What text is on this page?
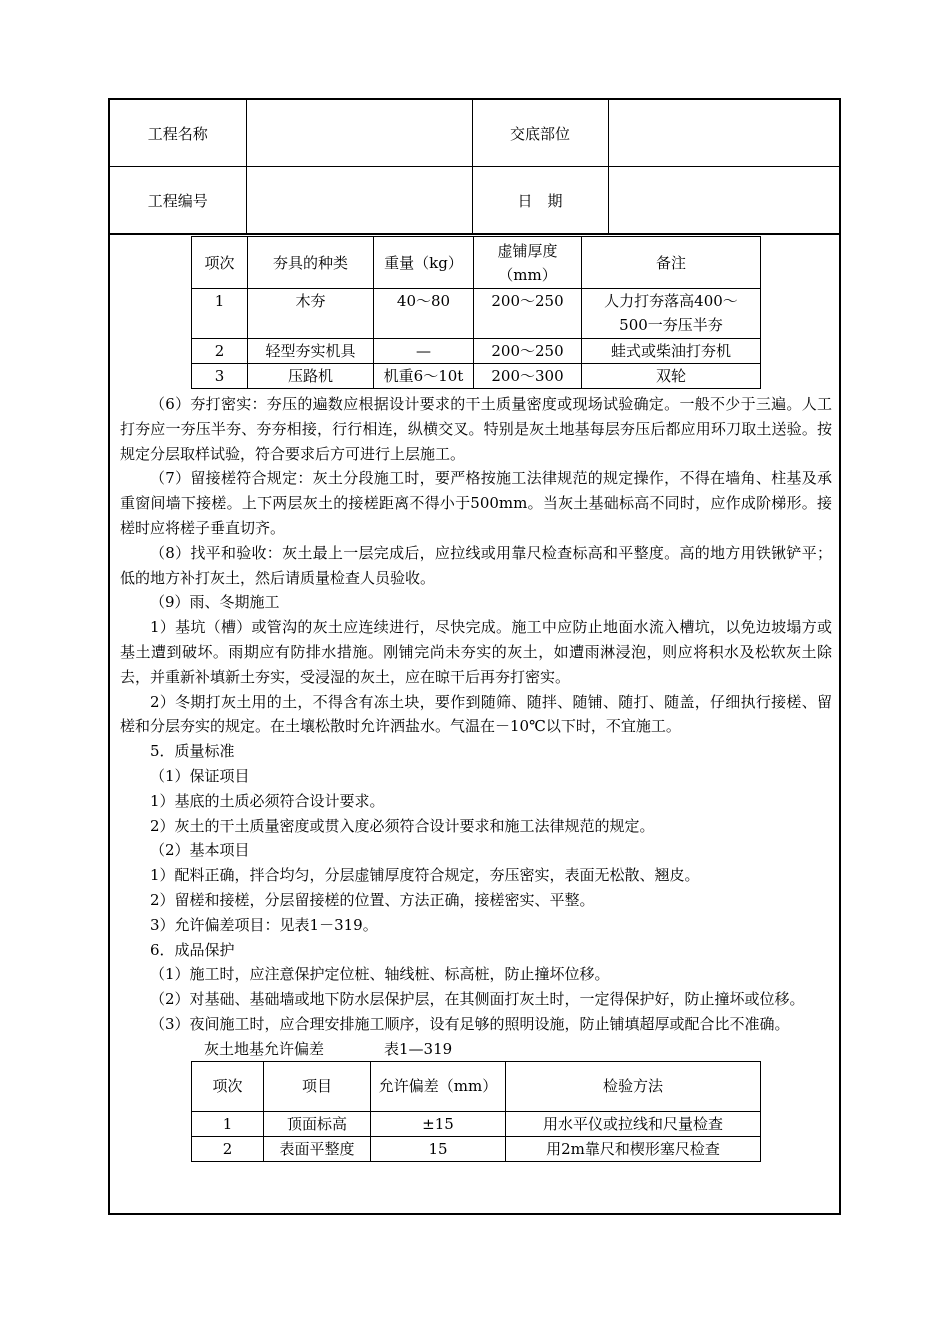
工程名称		交底部位	
工程编号		日　期	
项次	夯具的种类	重量（kg）	虚铺厚度（mm）	备注
1	木夯	40～80	200～250	人力打夯落高400～500一夯压半夯
2	轻型夯实机具	—	200～250	蛙式或柴油打夯机
3	压路机	机重6～10t	200～300	双轮

（6）夯打密实：夯压的遍数应根据设计要求的干土质量密度或现场试验确定。一般不少于三遍。人工打夯应一夯压半夯、夯夯相接，行行相连，纵横交叉。特别是灰土地基每层夯压后都应用环刀取土送验。按规定分层取样试验，符合要求后方可进行上层施工。

（7）留接槎符合规定：灰土分段施工时，要严格按施工法律规范的规定操作，不得在墙角、柱基及承重窗间墙下接槎。上下两层灰土的接槎距离不得小于500mm。当灰土基础标高不同时，应作成阶梯形。接槎时应将槎子垂直切齐。

（8）找平和验收：灰土最上一层完成后，应拉线或用靠尺检查标高和平整度。高的地方用铁锹铲平；低的地方补打灰土，然后请质量检查人员验收。

（9）雨、冬期施工

1）基坑（槽）或管沟的灰土应连续进行，尽快完成。施工中应防止地面水流入槽坑，以免边坡塌方或基土遭到破坏。雨期应有防排水措施。刚铺完尚未夯实的灰土，如遭雨淋浸泡，则应将积水及松软灰土除去，并重新补填新土夯实，受浸湿的灰土，应在晾干后再夯打密实。

2）冬期打灰土用的土，不得含有冻土块，要作到随筛、随拌、随铺、随打、随盖，仔细执行接槎、留槎和分层夯实的规定。在土壤松散时允许洒盐水。气温在－10℃以下时，不宜施工。

5．质量标准

（1）保证项目

1）基底的土质必须符合设计要求。

2）灰土的干土质量密度或贯入度必须符合设计要求和施工法律规范的规定。

（2）基本项目

1）配料正确，拌合均匀，分层虚铺厚度符合规定，夯压密实，表面无松散、翘皮。

2）留槎和接槎，分层留接槎的位置、方法正确，接槎密实、平整。

3）允许偏差项目：见表1－319。

6．成品保护

（1）施工时，应注意保护定位桩、轴线桩、标高桩，防止撞坏位移。

（2）对基础、基础墙或地下防水层保护层，在其侧面打灰土时，一定得保护好，防止撞坏或位移。

（3）夜间施工时，应合理安排施工顺序，设有足够的照明设施，防止铺填超厚或配合比不准确。

灰土地基允许偏差	表1—319
项次	项目	允许偏差（mm）	检验方法
1	顶面标高	±15	用水平仪或拉线和尺量检查
2	表面平整度	15	用2m靠尺和楔形塞尺检查
